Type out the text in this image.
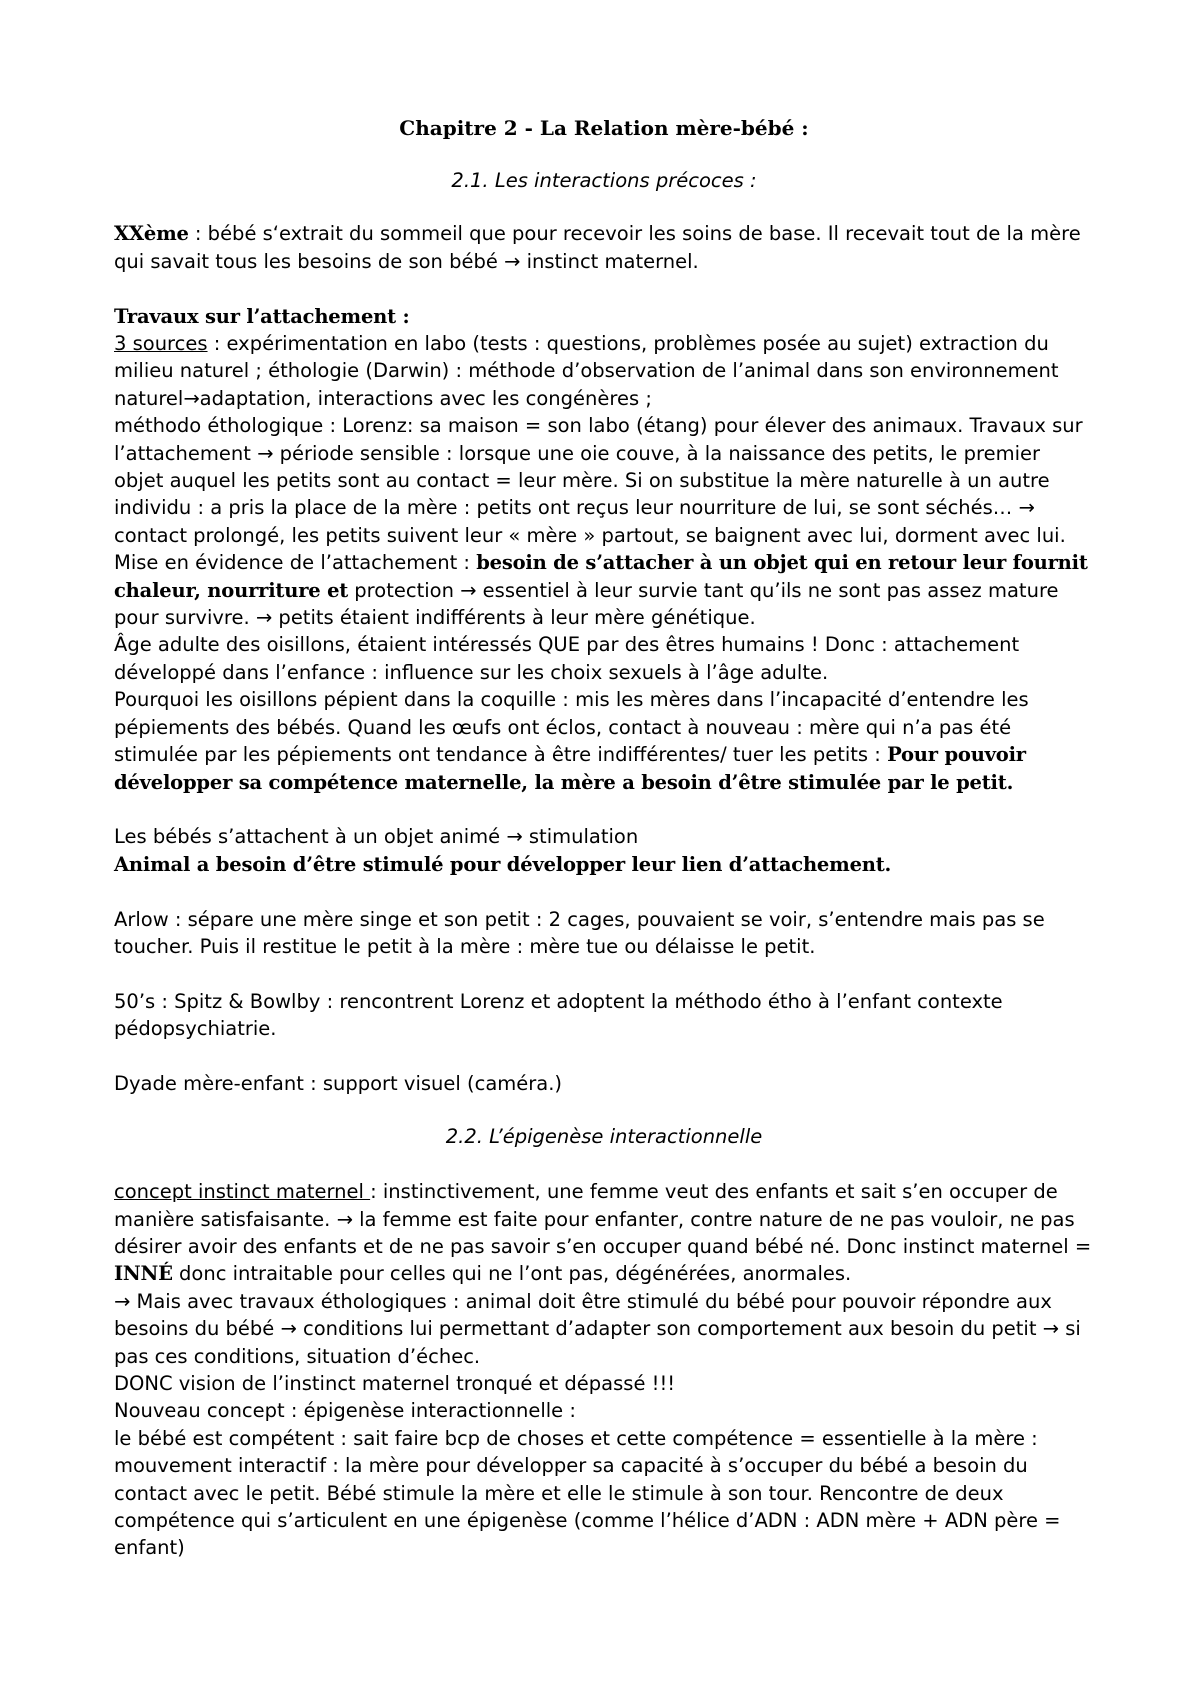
Chapitre 2 - La Relation mère-bébé :

2.1. Les interactions précoces :

XXème : bébé s‘extrait du sommeil que pour recevoir les soins de base. Il recevait tout de la mère qui savait tous les besoins de son bébé → instinct maternel.

Travaux sur l’attachement :

3 sources : expérimentation en labo (tests : questions, problèmes posée au sujet) extraction du milieu naturel ; éthologie (Darwin) : méthode d’observation de l’animal dans son environnement naturel→adaptation, interactions avec les congénères ;

méthodo éthologique : Lorenz: sa maison = son labo (étang) pour élever des animaux. Travaux sur l’attachement → période sensible : lorsque une oie couve, à la naissance des petits, le premier objet auquel les petits sont au contact = leur mère. Si on substitue la mère naturelle à un autre individu : a pris la place de la mère : petits ont reçus leur nourriture de lui, se sont séchés… → contact prolongé, les petits suivent leur « mère » partout, se baignent avec lui, dorment avec lui. Mise en évidence de l’attachement : besoin de s’attacher à un objet qui en retour leur fournit chaleur, nourriture et protection → essentiel à leur survie tant qu’ils ne sont pas assez mature pour survivre. → petits étaient indifférents à leur mère génétique.

Âge adulte des oisillons, étaient intéressés QUE par des êtres humains ! Donc : attachement développé dans l’enfance : influence sur les choix sexuels à l’âge adulte.

Pourquoi les oisillons pépient dans la coquille : mis les mères dans l’incapacité d’entendre les pépiements des bébés. Quand les œufs ont éclos, contact à nouveau : mère qui n’a pas été stimulée par les pépiements ont tendance à être indifférentes/ tuer les petits : Pour pouvoir développer sa compétence maternelle, la mère a besoin d’être stimulée par le petit.

Les bébés s’attachent à un objet animé → stimulation

Animal a besoin d’être stimulé pour développer leur lien d’attachement.

Arlow : sépare une mère singe et son petit : 2 cages, pouvaient se voir, s’entendre mais pas se toucher. Puis il restitue le petit à la mère : mère tue ou délaisse le petit.

50’s : Spitz & Bowlby : rencontrent Lorenz et adoptent la méthodo étho à l’enfant contexte pédopsychiatrie.

Dyade mère-enfant : support visuel (caméra.)

2.2. L’épigenèse interactionnelle

concept instinct maternel : instinctivement, une femme veut des enfants et sait s’en occuper de manière satisfaisante. → la femme est faite pour enfanter, contre nature de ne pas vouloir, ne pas désirer avoir des enfants et de ne pas savoir s’en occuper quand bébé né. Donc instinct maternel = INNÉ donc intraitable pour celles qui ne l’ont pas, dégénérées, anormales.

→ Mais avec travaux éthologiques : animal doit être stimulé du bébé pour pouvoir répondre aux besoins du bébé → conditions lui permettant d’adapter son comportement aux besoin du petit → si pas ces conditions, situation d’échec.

DONC vision de l’instinct maternel tronqué et dépassé !!!

Nouveau concept : épigenèse interactionnelle :

le bébé est compétent : sait faire bcp de choses et cette compétence = essentielle à la mère : mouvement interactif : la mère pour développer sa capacité à s’occuper du bébé a besoin du contact avec le petit. Bébé stimule la mère et elle le stimule à son tour. Rencontre de deux compétence qui s’articulent en une épigenèse (comme l’hélice d’ADN : ADN mère + ADN père = enfant)
